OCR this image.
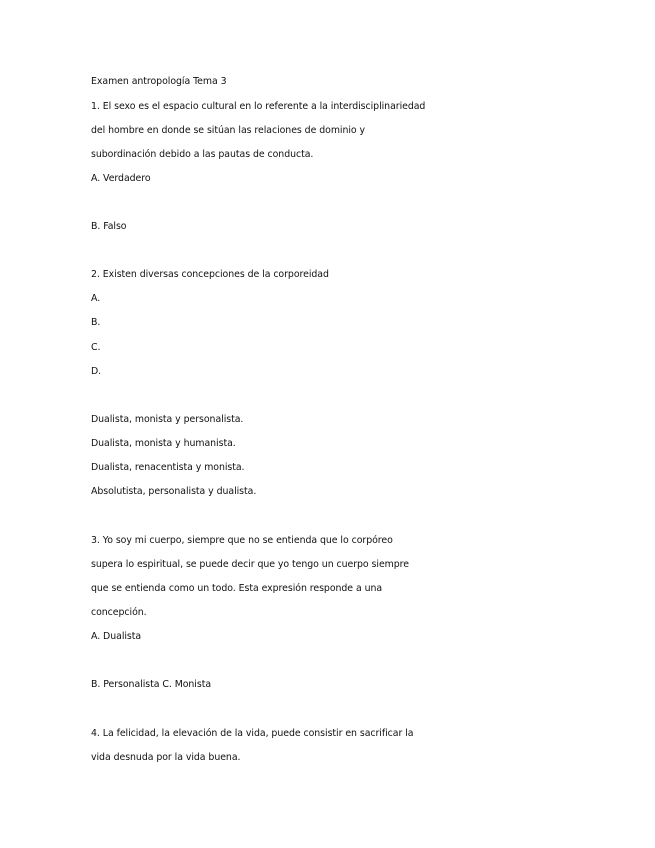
Examen antropología Tema 3
1. El sexo es el espacio cultural en lo referente a la interdisciplinariedad
del hombre en donde se sitúan las relaciones de dominio y
subordinación debido a las pautas de conducta.
A. Verdadero
B. Falso
2. Existen diversas concepciones de la corporeidad
A.
B.
C.
D.
Dualista, monista y personalista.
Dualista, monista y humanista.
Dualista, renacentista y monista.
Absolutista, personalista y dualista.
3. Yo soy mi cuerpo, siempre que no se entienda que lo corpóreo
supera lo espiritual, se puede decir que yo tengo un cuerpo siempre
que se entienda como un todo. Esta expresión responde a una
concepción.
A. Dualista
B. Personalista C. Monista
4. La felicidad, la elevación de la vida, puede consistir en sacrificar la
vida desnuda por la vida buena.
